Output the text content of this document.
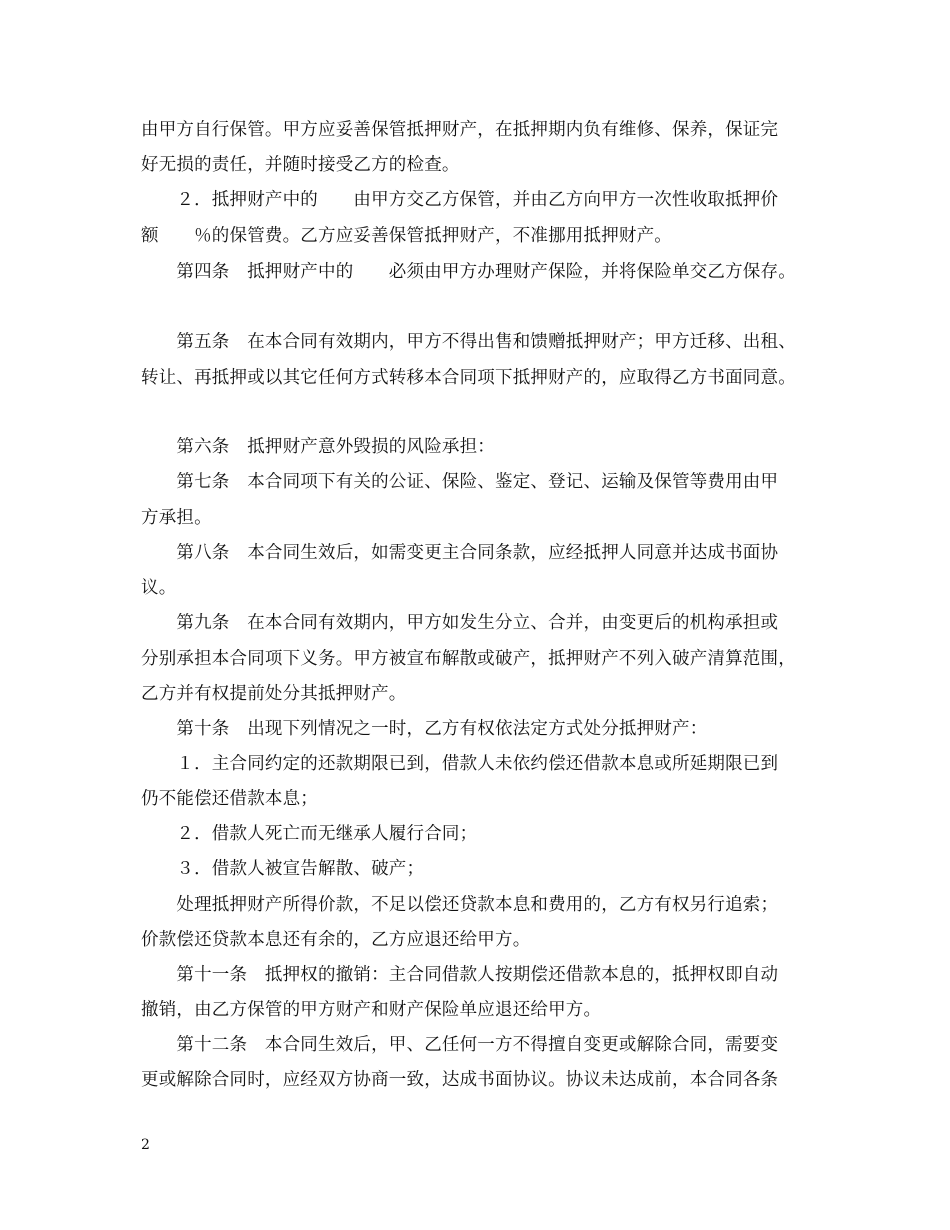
由甲方自行保管。甲方应妥善保管抵押财产，在抵押期内负有维修、保养，保证完
好无损的责任，并随时接受乙方的检查。
　　２．抵押财产中的　　由甲方交乙方保管，并由乙方向甲方一次性收取抵押价
额　　％的保管费。乙方应妥善保管抵押财产，不准挪用抵押财产。
　　第四条　抵押财产中的　　必须由甲方办理财产保险，并将保险单交乙方保存。
　　第五条　在本合同有效期内，甲方不得出售和馈赠抵押财产；甲方迁移、出租、
转让、再抵押或以其它任何方式转移本合同项下抵押财产的，应取得乙方书面同意。
　　第六条　抵押财产意外毁损的风险承担：
　　第七条　本合同项下有关的公证、保险、鉴定、登记、运输及保管等费用由甲
方承担。
　　第八条　本合同生效后，如需变更主合同条款，应经抵押人同意并达成书面协
议。
　　第九条　在本合同有效期内，甲方如发生分立、合并，由变更后的机构承担或
分别承担本合同项下义务。甲方被宣布解散或破产，抵押财产不列入破产清算范围，
乙方并有权提前处分其抵押财产。
　　第十条　出现下列情况之一时，乙方有权依法定方式处分抵押财产：
　　１．主合同约定的还款期限已到，借款人未依约偿还借款本息或所延期限已到
仍不能偿还借款本息；
　　２．借款人死亡而无继承人履行合同；
　　３．借款人被宣告解散、破产；
　　处理抵押财产所得价款，不足以偿还贷款本息和费用的，乙方有权另行追索；
价款偿还贷款本息还有余的，乙方应退还给甲方。
　　第十一条　抵押权的撤销：主合同借款人按期偿还借款本息的，抵押权即自动
撤销，由乙方保管的甲方财产和财产保险单应退还给甲方。
　　第十二条　本合同生效后，甲、乙任何一方不得擅自变更或解除合同，需要变
更或解除合同时，应经双方协商一致，达成书面协议。协议未达成前，本合同各条
2
